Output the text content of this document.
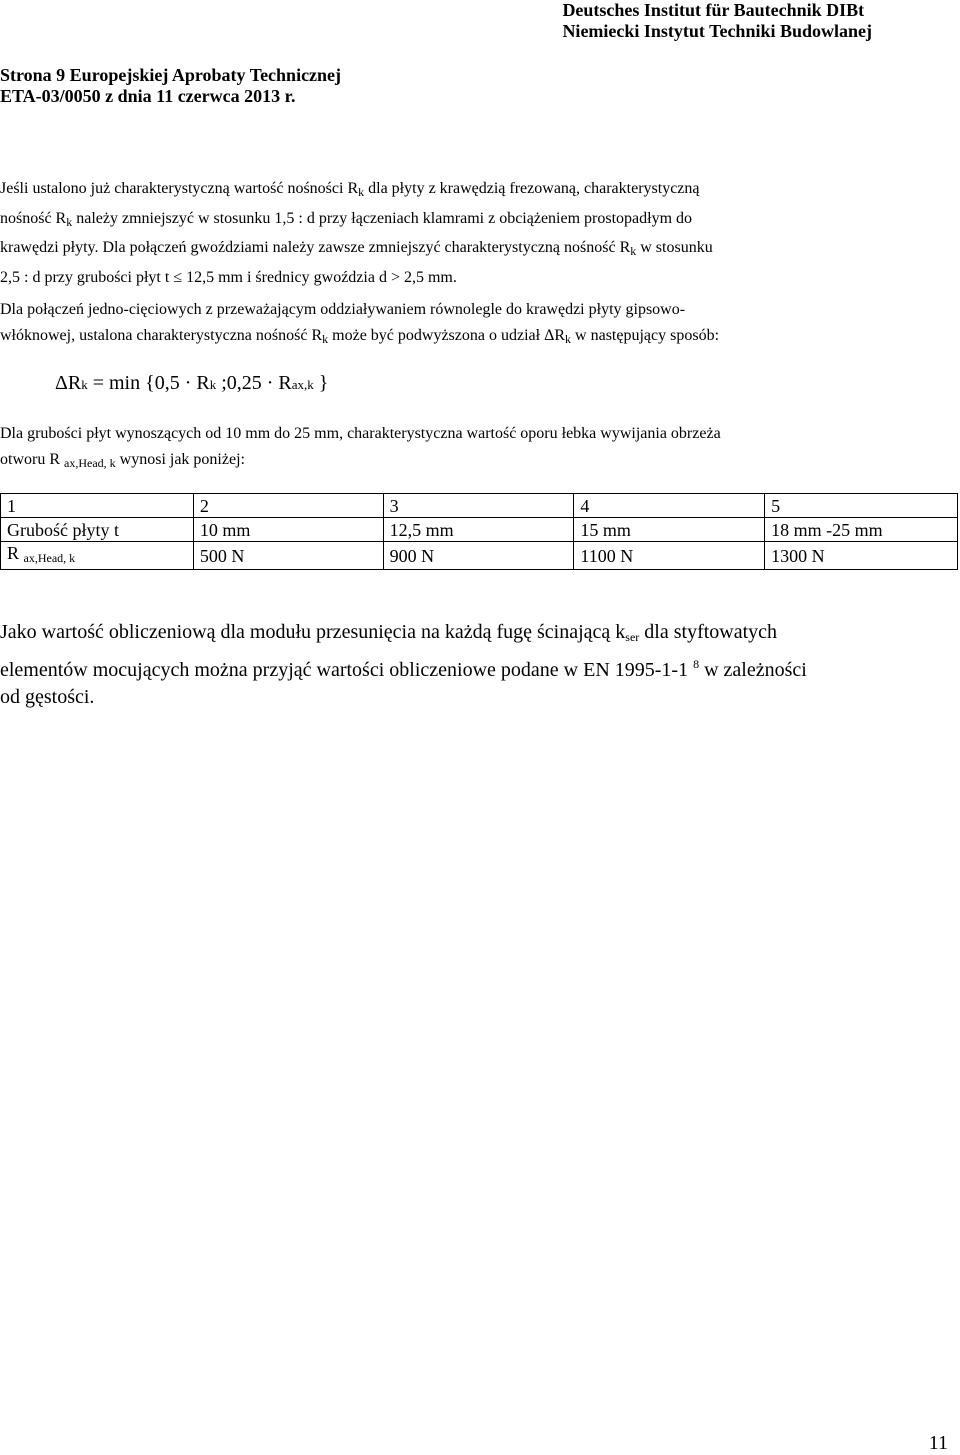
Deutsches Institut für Bautechnik DIBt
Niemiecki Instytut Techniki Budowlanej
Strona 9 Europejskiej Aprobaty Technicznej
ETA-03/0050 z dnia 11 czerwca 2013 r.
Jeśli ustalono już charakterystyczną wartość nośności $R_k$ dla płyty z krawędzią frezowaną, charakterystyczną
nośność $R_k$ należy zmniejszyć w stosunku 1,5 : d przy łączeniach klamrami z obciążeniem prostopadłym do
krawędzi płyty. Dla połączeń gwoździami należy zawsze zmniejszyć charakterystyczną nośność $R_k$ w stosunku
2,5 : d przy grubości płyt t ≤ 12,5 mm i średnicy gwoździa d > 2,5 mm.
Dla połączeń jedno-cięciowych z przeważającym oddziaływaniem równolegle do krawędzi płyty gipsowo-
włóknowej, ustalona charakterystyczna nośność $R_k$ może być podwyższona o udział $\Delta R_k$ w następujący sposób:
ΔRk = min {0,5 · Rk ;0,25 · Rax,k }
Dla grubości płyt wynoszących od 10 mm do 25 mm, charakterystyczna wartość oporu łebka wywijania obrzeża
otworu R $_{ax,Head, k}$ wynosi jak poniżej:
1	2	3	4	5
Grubość płyty t	10 mm	12,5 mm	15 mm	18 mm -25 mm
R $_{ax,Head, k}$	500 N	900 N	1100 N	1300 N
Jako wartość obliczeniową dla modułu przesunięcia na każdą fugę ścinającą $k_{ser}$ dla styftowatych
elementów mocujących można przyjąć wartości obliczeniowe podane w EN 1995-1-1 $^8$ w zależności
od gęstości.
11
